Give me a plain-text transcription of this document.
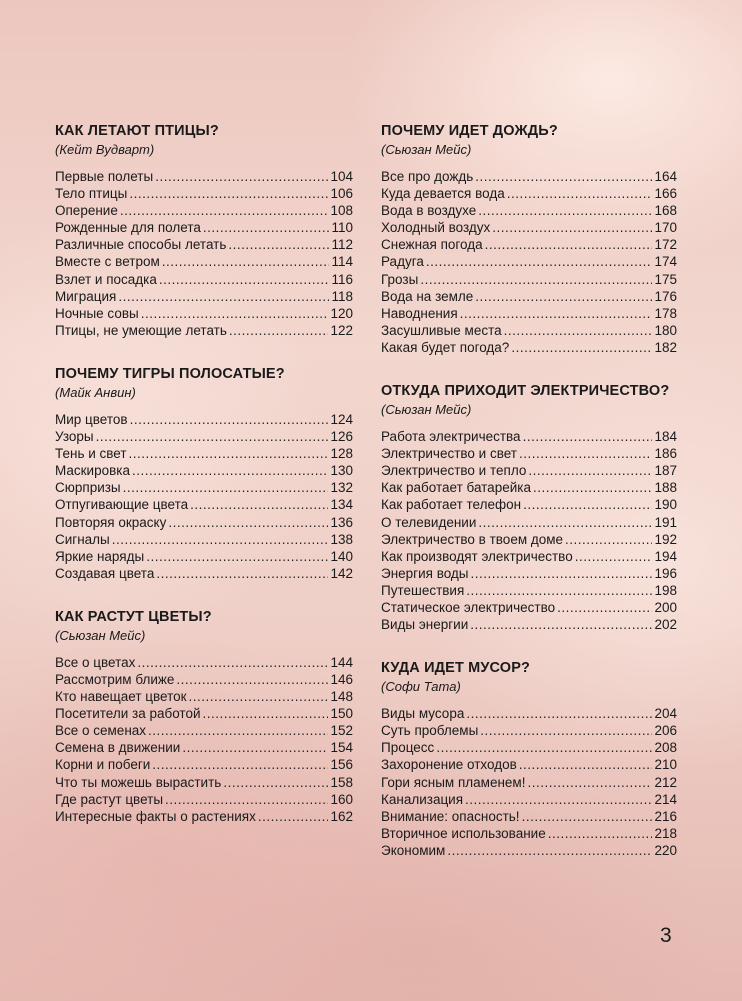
КАК ЛЕТАЮТ ПТИЦЫ?

(Кейт Вудварт)

Первые полеты .....	104
Тело птицы .....	106
Оперение .....	108
Рожденные для полета .....	110
Различные способы летать .....	112
Вместе с ветром .....	114
Взлет и посадка .....	116
Миграция .....	118
Ночные совы .....	120
Птицы, не умеющие летать .....	122
ПОЧЕМУ ТИГРЫ ПОЛОСАТЫЕ?

(Майк Анвин)

Мир цветов .....	124
Узоры .....	126
Тень и свет .....	128
Маскировка .....	130
Сюрпризы .....	132
Отпугивающие цвета .....	134
Повторяя окраску .....	136
Сигналы .....	138
Яркие наряды .....	140
Создавая цвета .....	142
КАК РАСТУТ ЦВЕТЫ?

(Сьюзан Мейс)

Все о цветах .....	144
Рассмотрим ближе .....	146
Кто навещает цветок .....	148
Посетители за работой .....	150
Все о семенах .....	152
Семена в движении .....	154
Корни и побеги .....	156
Что ты можешь вырастить .....	158
Где растут цветы .....	160
Интересные факты о растениях .....	162
ПОЧЕМУ ИДЕТ ДОЖДЬ?

(Сьюзан Мейс)

Все про дождь .....	164
Куда девается вода .....	166
Вода в воздухе .....	168
Холодный воздух .....	170
Снежная погода .....	172
Радуга .....	174
Грозы .....	175
Вода на земле .....	176
Наводнения .....	178
Засушливые места .....	180
Какая будет погода? .....	182
ОТКУДА ПРИХОДИТ ЭЛЕКТРИЧЕСТВО?

(Сьюзан Мейс)

Работа электричества .....	184
Электричество и свет .....	186
Электричество и тепло .....	187
Как работает батарейка .....	188
Как работает телефон .....	190
О телевидении .....	191
Электричество в твоем доме .....	192
Как производят электричество .....	194
Энергия воды .....	196
Путешествия .....	198
Статическое электричество .....	200
Виды энергии .....	202
КУДА ИДЕТ МУСОР?

(Софи Тата)

Виды мусора .....	204
Суть проблемы .....	206
Процесс .....	208
Захоронение отходов .....	210
Гори ясным пламенем! .....	212
Канализация .....	214
Внимание: опасность! .....	216
Вторичное использование .....	218
Экономим .....	220

3
